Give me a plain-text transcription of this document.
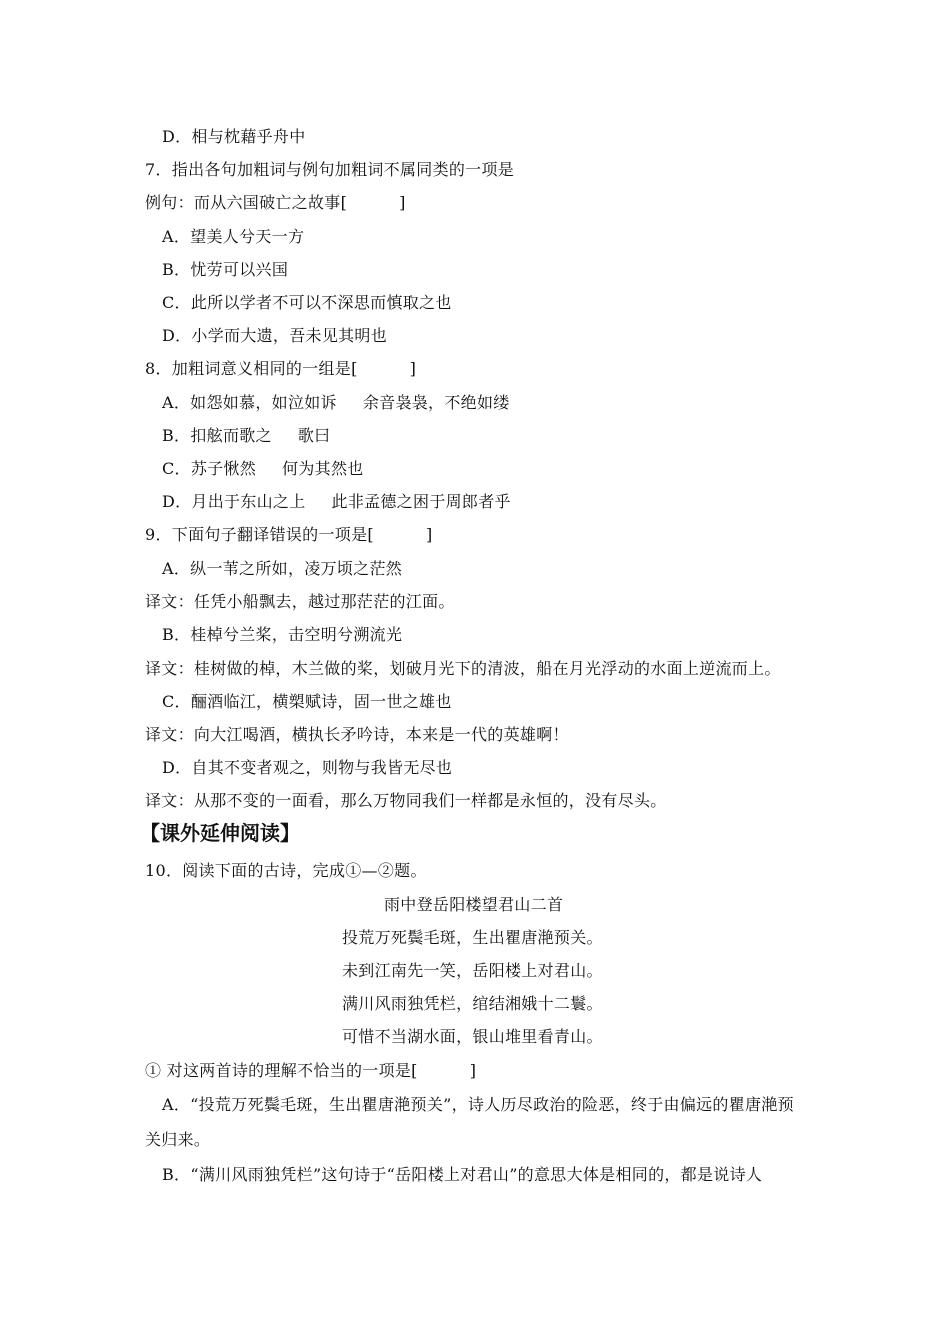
D．相与枕藉乎舟中
7．指出各句加粗词与例句加粗词不属同类的一项是
例句：而从六国破亡之故事[	]
A．望美人兮天一方
B．忧劳可以兴国
C．此所以学者不可以不深思而慎取之也
D．小学而大遗，吾未见其明也
8．加粗词意义相同的一组是[	]
A．如怨如慕，如泣如诉 余音袅袅，不绝如缕
B．扣舷而歌之 歌曰
C．苏子愀然 何为其然也
D．月出于东山之上 此非孟德之困于周郎者乎
9．下面句子翻译错误的一项是[	]
A．纵一苇之所如，凌万顷之茫然
译文：任凭小船飘去，越过那茫茫的江面。
B．桂棹兮兰桨，击空明兮溯流光
译文：桂树做的棹，木兰做的桨，划破月光下的清波，船在月光浮动的水面上逆流而上。
C．酾酒临江，横槊赋诗，固一世之雄也
译文：向大江喝酒，横执长矛吟诗，本来是一代的英雄啊！
D．自其不变者观之，则物与我皆无尽也
译文：从那不变的一面看，那么万物同我们一样都是永恒的，没有尽头。
【课外延伸阅读】
10．阅读下面的古诗，完成①—②题。
雨中登岳阳楼望君山二首
投荒万死鬓毛斑，生出瞿唐滟预关。
未到江南先一笑，岳阳楼上对君山。
满川风雨独凭栏，绾结湘娥十二鬟。
可惜不当湖水面，银山堆里看青山。
① 对这两首诗的理解不恰当的一项是[	]
A．“投荒万死鬓毛斑，生出瞿唐滟预关”，诗人历尽政治的险恶，终于由偏远的瞿唐滟预
关归来。
B．“满川风雨独凭栏”这句诗于“岳阳楼上对君山”的意思大体是相同的，都是说诗人
